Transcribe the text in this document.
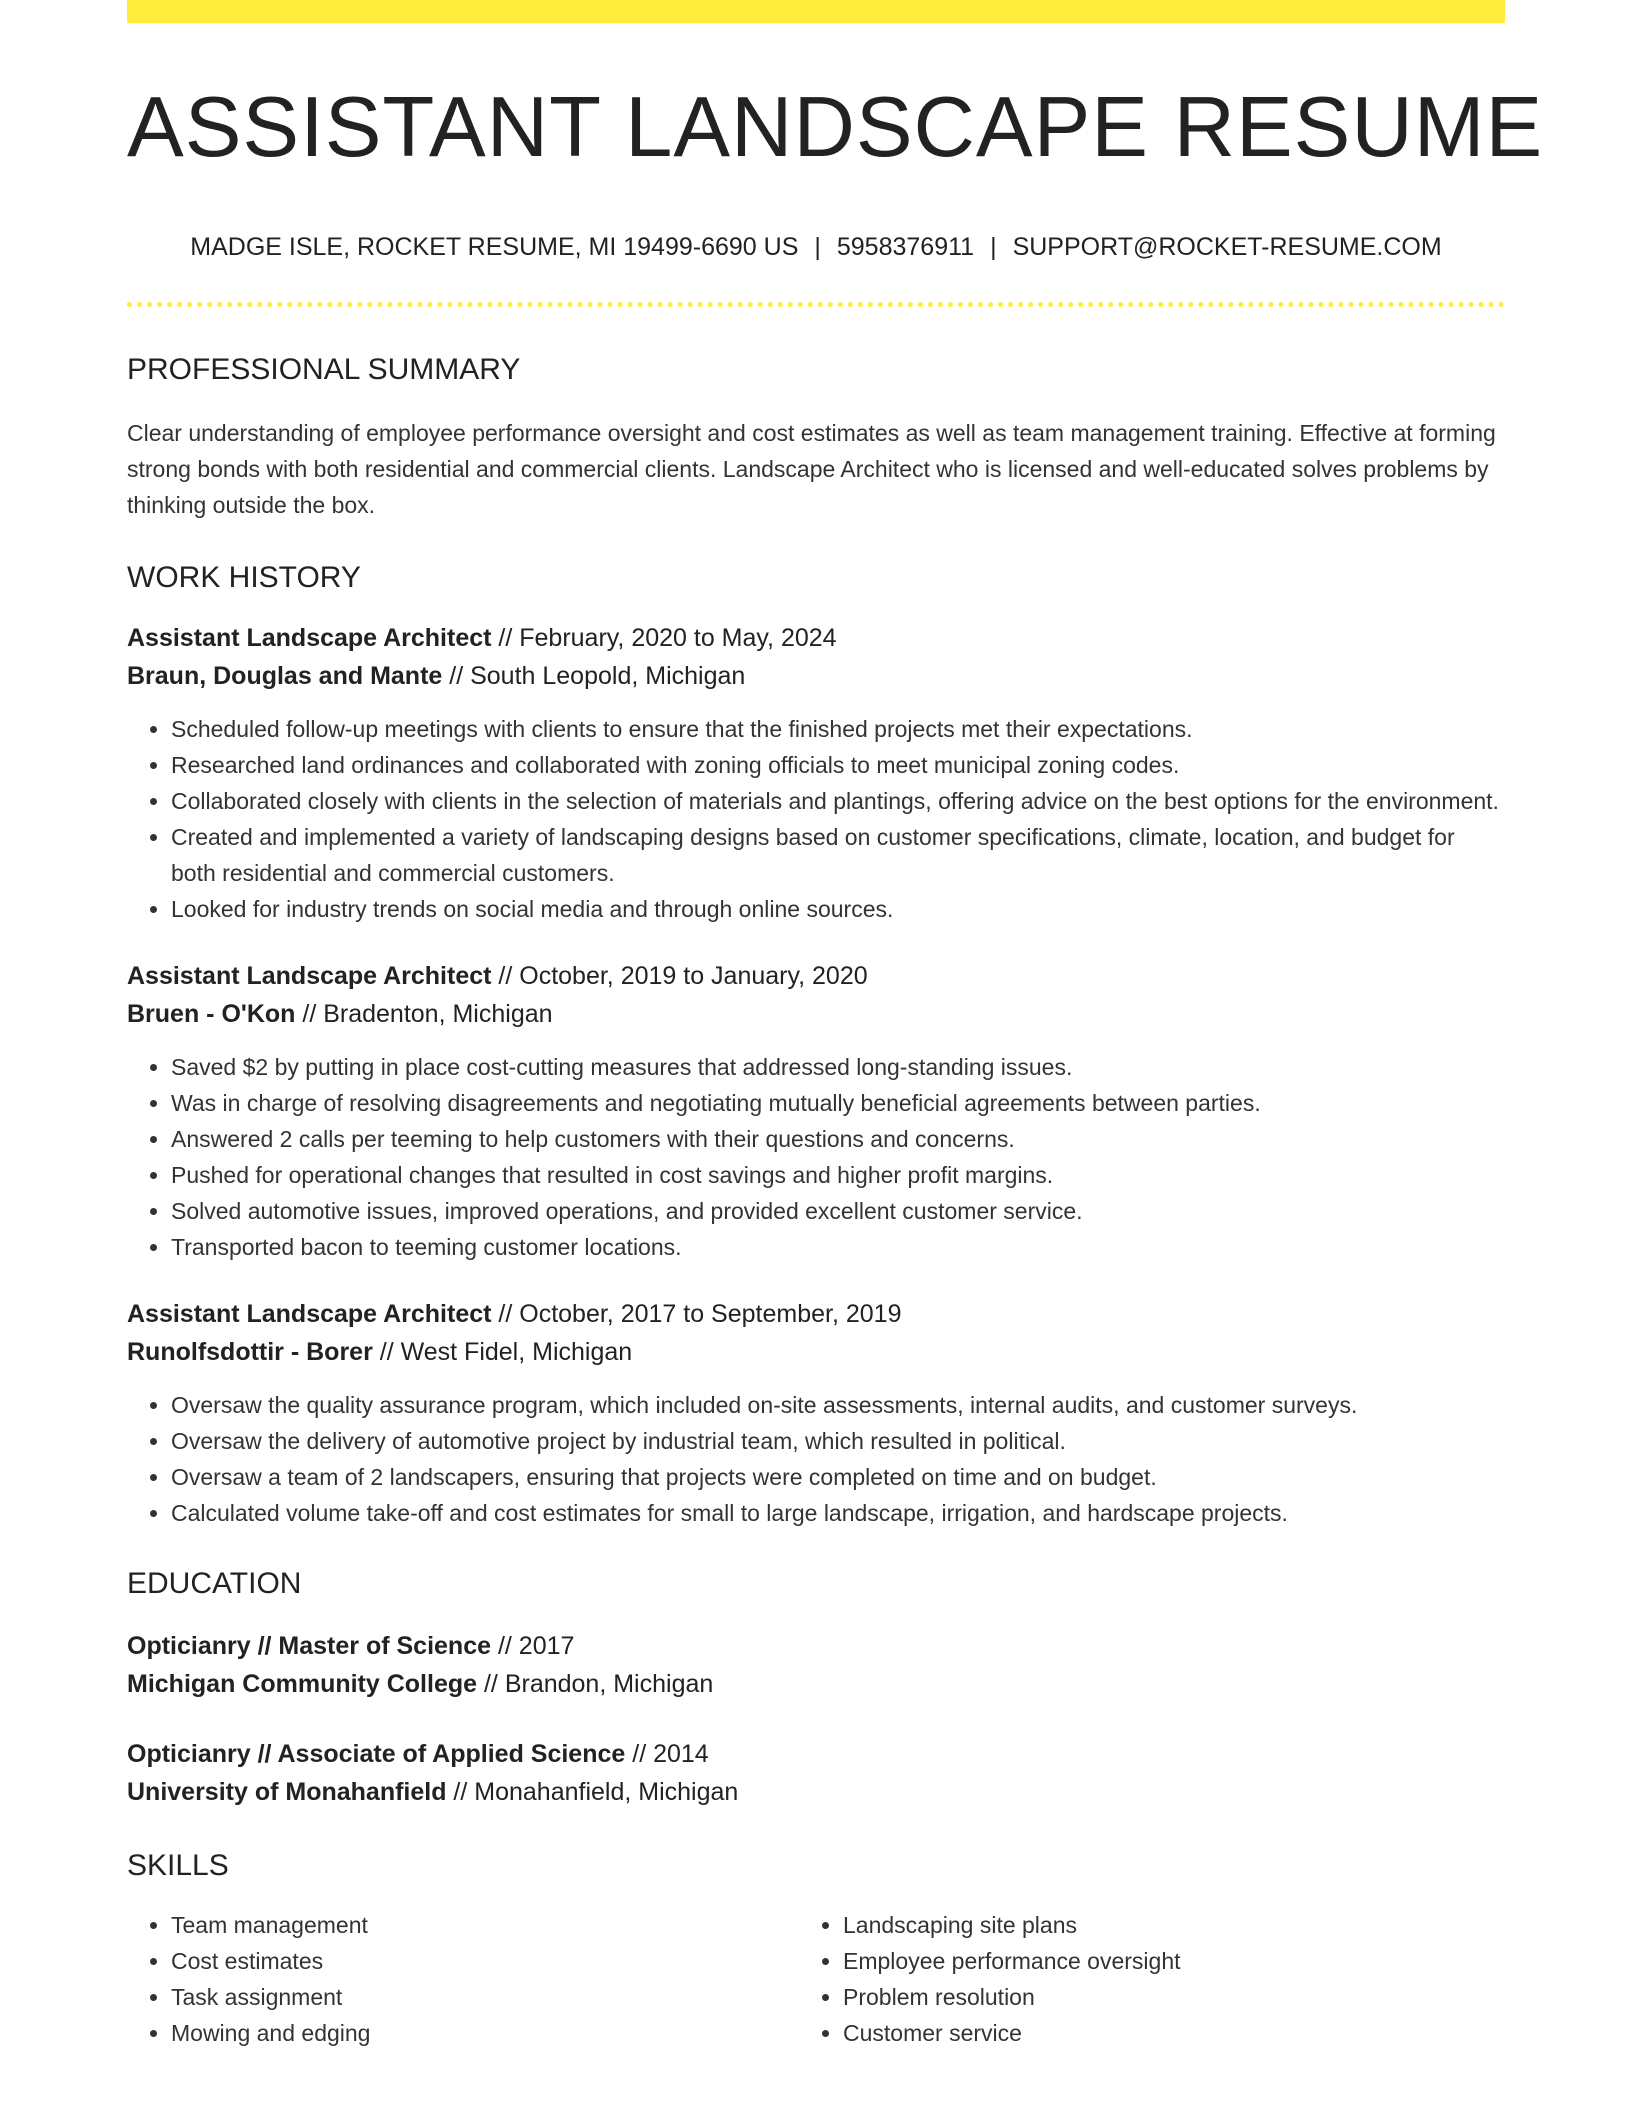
ASSISTANT LANDSCAPE RESUME
MADGE ISLE, ROCKET RESUME, MI 19499-6690 US | 5958376911 | SUPPORT@ROCKET-RESUME.COM
PROFESSIONAL SUMMARY

Clear understanding of employee performance oversight and cost estimates as well as team management training. Effective at forming strong bonds with both residential and commercial clients. Landscape Architect who is licensed and well-educated solves problems by thinking outside the box.

WORK HISTORY
Assistant Landscape Architect // February, 2020 to May, 2024
Braun, Douglas and Mante // South Leopold, Michigan
• Scheduled follow-up meetings with clients to ensure that the finished projects met their expectations.
• Researched land ordinances and collaborated with zoning officials to meet municipal zoning codes.
• Collaborated closely with clients in the selection of materials and plantings, offering advice on the best options for the environment.
• Created and implemented a variety of landscaping designs based on customer specifications, climate, location, and budget for both residential and commercial customers.
• Looked for industry trends on social media and through online sources.
Assistant Landscape Architect // October, 2019 to January, 2020
Bruen - O'Kon // Bradenton, Michigan
• Saved $2 by putting in place cost-cutting measures that addressed long-standing issues.
• Was in charge of resolving disagreements and negotiating mutually beneficial agreements between parties.
• Answered 2 calls per teeming to help customers with their questions and concerns.
• Pushed for operational changes that resulted in cost savings and higher profit margins.
• Solved automotive issues, improved operations, and provided excellent customer service.
• Transported bacon to teeming customer locations.
Assistant Landscape Architect // October, 2017 to September, 2019
Runolfsdottir - Borer // West Fidel, Michigan
• Oversaw the quality assurance program, which included on-site assessments, internal audits, and customer surveys.
• Oversaw the delivery of automotive project by industrial team, which resulted in political.
• Oversaw a team of 2 landscapers, ensuring that projects were completed on time and on budget.
• Calculated volume take-off and cost estimates for small to large landscape, irrigation, and hardscape projects.
EDUCATION
Opticianry // Master of Science // 2017
Michigan Community College // Brandon, Michigan
Opticianry // Associate of Applied Science // 2014
University of Monahanfield // Monahanfield, Michigan
SKILLS
• Team management
• Cost estimates
• Task assignment
• Mowing and edging
• Landscaping site plans
• Employee performance oversight
• Problem resolution
• Customer service
